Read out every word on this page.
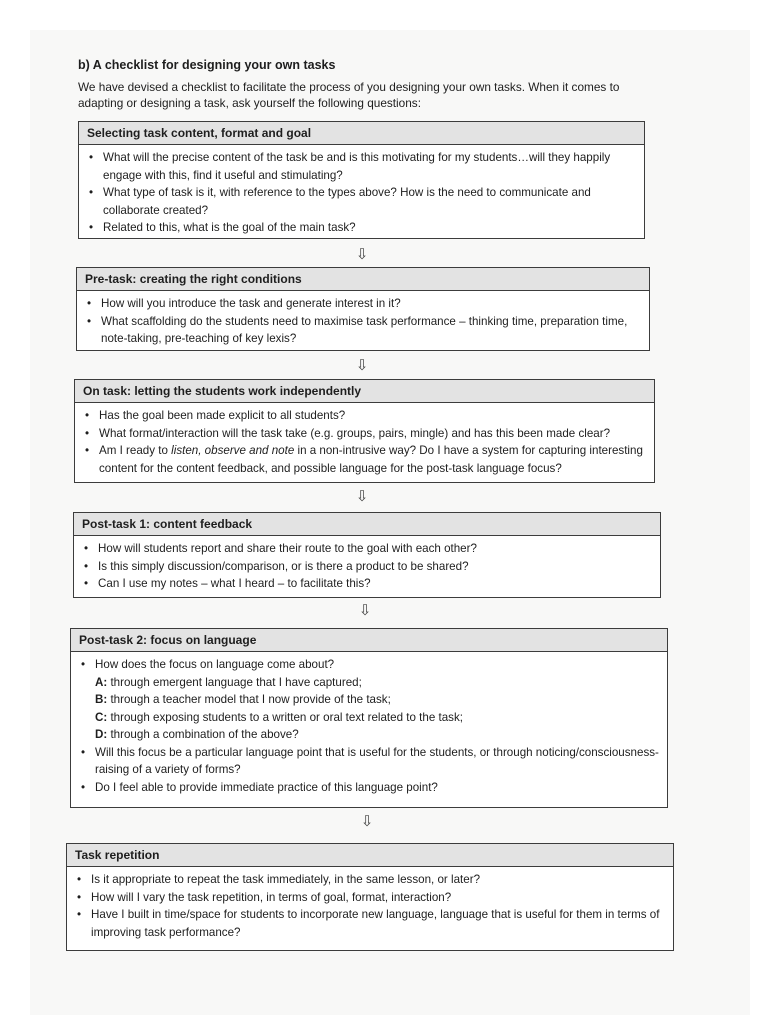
b) A checklist for designing your own tasks

We have devised a checklist to facilitate the process of you designing your own tasks. When it comes to adapting or designing a task, ask yourself the following questions:

Selecting task content, format and goal
• What will the precise content of the task be and is this motivating for my students…will they happily engage with this, find it useful and stimulating?
• What type of task is it, with reference to the types above? How is the need to communicate and collaborate created?
• Related to this, what is the goal of the main task?
⇩
Pre-task: creating the right conditions
• How will you introduce the task and generate interest in it?
• What scaffolding do the students need to maximise task performance – thinking time, preparation time, note-taking, pre-teaching of key lexis?
⇩
On task: letting the students work independently
• Has the goal been made explicit to all students?
• What format/interaction will the task take (e.g. groups, pairs, mingle) and has this been made clear?
• Am I ready to listen, observe and note in a non-intrusive way? Do I have a system for capturing interesting content for the content feedback, and possible language for the post-task language focus?
⇩
Post-task 1: content feedback
• How will students report and share their route to the goal with each other?
• Is this simply discussion/comparison, or is there a product to be shared?
• Can I use my notes – what I heard – to facilitate this?
⇩
Post-task 2: focus on language
• How does the focus on language come about?
A: through emergent language that I have captured;
B: through a teacher model that I now provide of the task;
C: through exposing students to a written or oral text related to the task;
D: through a combination of the above?
• Will this focus be a particular language point that is useful for the students, or through noticing/consciousness-raising of a variety of forms?
• Do I feel able to provide immediate practice of this language point?
⇩
Task repetition
• Is it appropriate to repeat the task immediately, in the same lesson, or later?
• How will I vary the task repetition, in terms of goal, format, interaction?
• Have I built in time/space for students to incorporate new language, language that is useful for them in terms of improving task performance?
